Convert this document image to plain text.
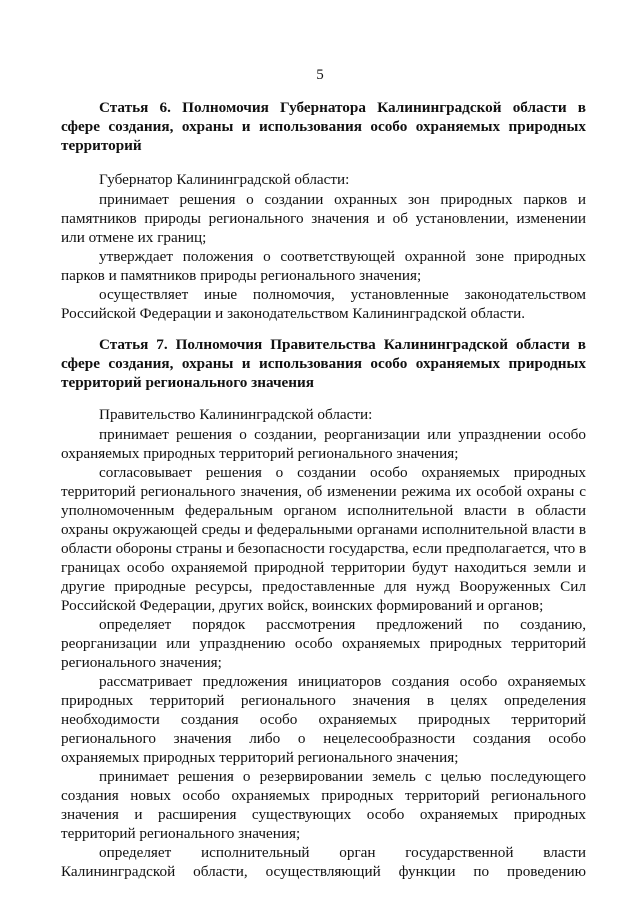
5
Статья 6. Полномочия Губернатора Калининградской области в
сфере создания, охраны и использования особо охраняемых природных
территорий
Губернатор Калининградской области:
принимает решения о создании охранных зон природных парков и
памятников природы регионального значения и об установлении, изменении
или отмене их границ;
утверждает положения о соответствующей охранной зоне природных
парков и памятников природы регионального значения;
осуществляет иные полномочия, установленные законодательством
Российской Федерации и законодательством Калининградской области.
Статья 7. Полномочия Правительства Калининградской области в
сфере создания, охраны и использования особо охраняемых природных
территорий регионального значения
Правительство Калининградской области:
принимает решения о создании, реорганизации или упразднении особо
охраняемых природных территорий регионального значения;
согласовывает решения о создании особо охраняемых природных
территорий регионального значения, об изменении режима их особой охраны с
уполномоченным федеральным органом исполнительной власти в области
охраны окружающей среды и федеральными органами исполнительной власти в
области обороны страны и безопасности государства, если предполагается, что в
границах особо охраняемой природной территории будут находиться земли и
другие природные ресурсы, предоставленные для нужд Вооруженных Сил
Российской Федерации, других войск, воинских формирований и органов;
определяет порядок рассмотрения предложений по созданию,
реорганизации или упразднению особо охраняемых природных территорий
регионального значения;
рассматривает предложения инициаторов создания особо охраняемых
природных территорий регионального значения в целях определения
необходимости создания особо охраняемых природных территорий
регионального значения либо о нецелесообразности создания особо
охраняемых природных территорий регионального значения;
принимает решения о резервировании земель с целью последующего
создания новых особо охраняемых природных территорий регионального
значения и расширения существующих особо охраняемых природных
территорий регионального значения;
определяет исполнительный орган государственной власти
Калининградской области, осуществляющий функции по проведению
